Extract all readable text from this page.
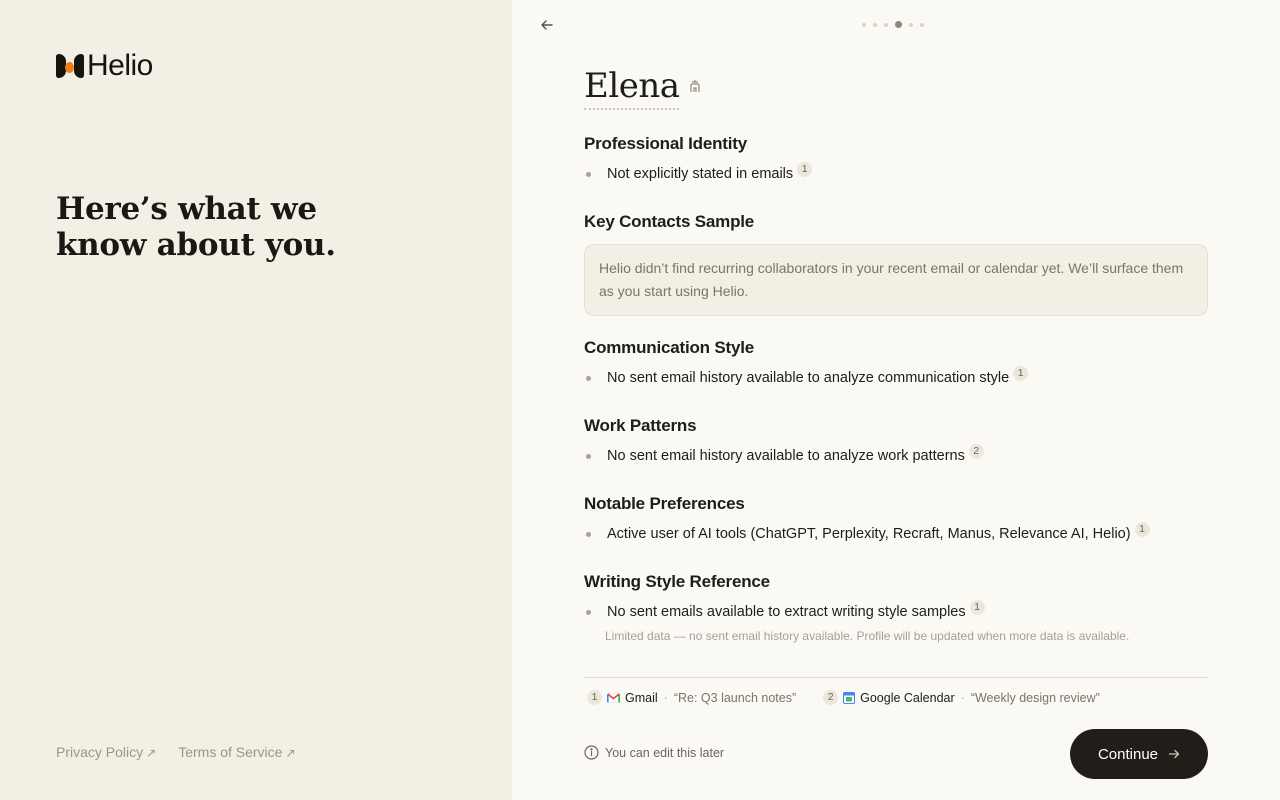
Helio
Here’s what we know about you.
Privacy Policy ↗ Terms of Service ↗
Elena
Professional Identity
Not explicitly stated in emails 1
Key Contacts Sample
Helio didn’t find recurring collaborators in your recent email or calendar yet. We’ll surface them as you start using Helio.
Communication Style
No sent email history available to analyze communication style 1
Work Patterns
No sent email history available to analyze work patterns 2
Notable Preferences
Active user of AI tools (ChatGPT, Perplexity, Recraft, Manus, Relevance AI, Helio) 1
Writing Style Reference
No sent emails available to extract writing style samples 1
Limited data — no sent email history available. Profile will be updated when more data is available.
1	Gmail · “Re: Q3 launch notes”	2	Google Calendar · “Weekly design review”
You can edit this later	Continue
